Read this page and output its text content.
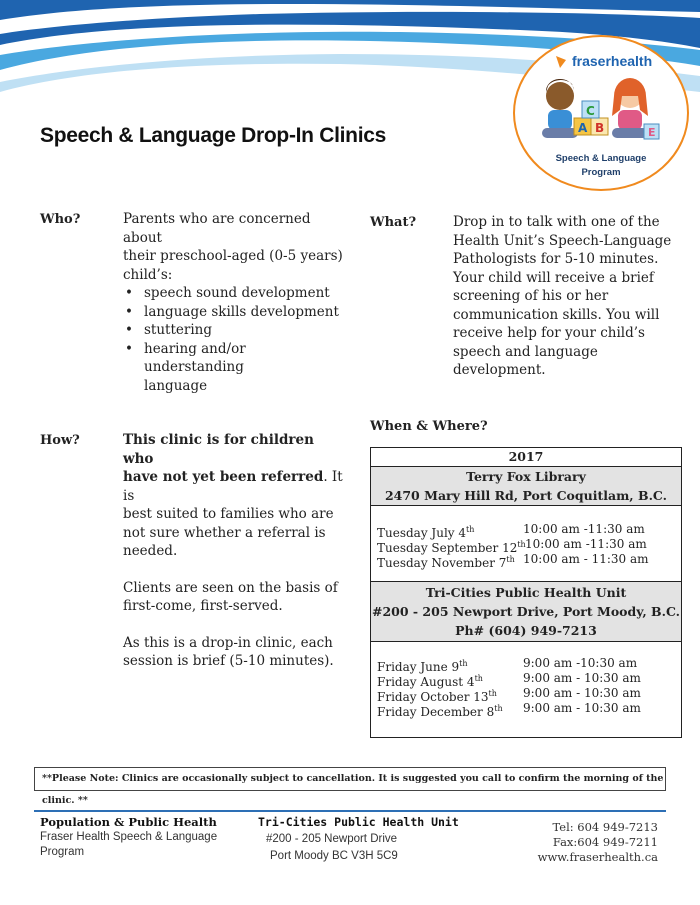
Speech & Language Drop-In Clinics
fraserhealth
A B
C
E
Speech & Language
Program
Who?	Parents who are concerned about
their preschool-aged (0-5 years)
child’s:
• speech sound development
• language skills development
• stuttering
• hearing and/or understanding
language
What?	Drop in to talk with one of the
Health Unit’s Speech-Language
Pathologists for 5-10 minutes.
Your child will receive a brief
screening of his or her
communication skills. You will
receive help for your child’s
speech and language
development.
How?	This clinic is for children who
have not yet been referred. It is
best suited to families who are
not sure whether a referral is
needed.
Clients are seen on the basis of
first-come, first-served.
As this is a drop-in clinic, each
session is brief (5-10 minutes).
When & Where?
2017
Terry Fox Library
2470 Mary Hill Rd, Port Coquitlam, B.C.
Tuesday July 4th	10:00 am -11:30 am
Tuesday September 12th 10:00 am -11:30 am
Tuesday November 7th 10:00 am - 11:30 am
Tri-Cities Public Health Unit
#200 - 205 Newport Drive, Port Moody, B.C.
Ph# (604) 949-7213
Friday June 9th	9:00 am -10:30 am
Friday August 4th	9:00 am - 10:30 am
Friday October 13th 9:00 am - 10:30 am
Friday December 8th 9:00 am - 10:30 am
**Please Note: Clinics are occasionally subject to cancellation. It is suggested you call to confirm the morning of the clinic. **
Population & Public Health
Fraser Health Speech & Language
Program
Tri-Cities Public Health Unit
#200 - 205 Newport Drive
Port Moody BC V3H 5C9
Tel: 604 949-7213
Fax:604 949-7211
www.fraserhealth.ca
